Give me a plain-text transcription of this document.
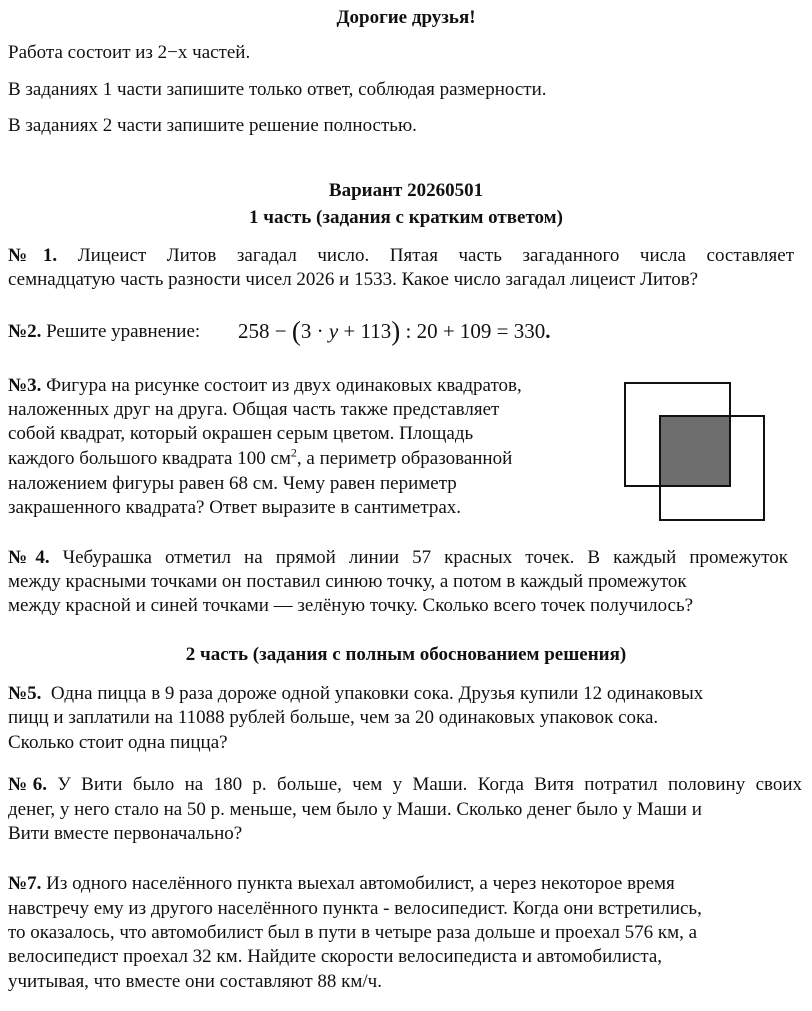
Дорогие друзья!
Работа состоит из 2−х частей.
В заданиях 1 части запишите только ответ, соблюдая размерности.
В заданиях 2 части запишите решение полностью.
Вариант 20260501
1 часть (задания с кратким ответом)
№1. Лицеист Литов загадал число. Пятая часть загаданного числа составляет
семнадцатую часть разности чисел 2026 и 1533. Какое число загадал лицеист Литов?
№2. Решите уравнение: 258 − (3 · y + 113) : 20 + 109 = 330.
№3. Фигура на рисунке состоит из двух одинаковых квадратов,
наложенных друг на друга. Общая часть также представляет
собой квадрат, который окрашен серым цветом. Площадь
каждого большого квадрата 100 $см^2$, а периметр образованной
наложением фигуры равен 68 см. Чему равен периметр
закрашенного квадрата? Ответ выразите в сантиметрах.
№4. Чебурашка отметил на прямой линии 57 красных точек. В каждый промежуток
между красными точками он поставил синюю точку, а потом в каждый промежуток
между красной и синей точками — зелёную точку. Сколько всего точек получилось?
2 часть (задания с полным обоснованием решения)
№5. Одна пицца в 9 раза дороже одной упаковки сока. Друзья купили 12 одинаковых
пицц и заплатили на 11088 рублей больше, чем за 20 одинаковых упаковок сока.
Сколько стоит одна пицца?
№6. У Вити было на 180 р. больше, чем у Маши. Когда Витя потратил половину своих
денег, у него стало на 50 р. меньше, чем было у Маши. Сколько денег было у Маши и
Вити вместе первоначально?
№7. Из одного населённого пункта выехал автомобилист, а через некоторое время
навстречу ему из другого населённого пункта - велосипедист. Когда они встретились,
то оказалось, что автомобилист был в пути в четыре раза дольше и проехал 576 км, а
велосипедист проехал 32 км. Найдите скорости велосипедиста и автомобилиста,
учитывая, что вместе они составляют 88 км/ч.
